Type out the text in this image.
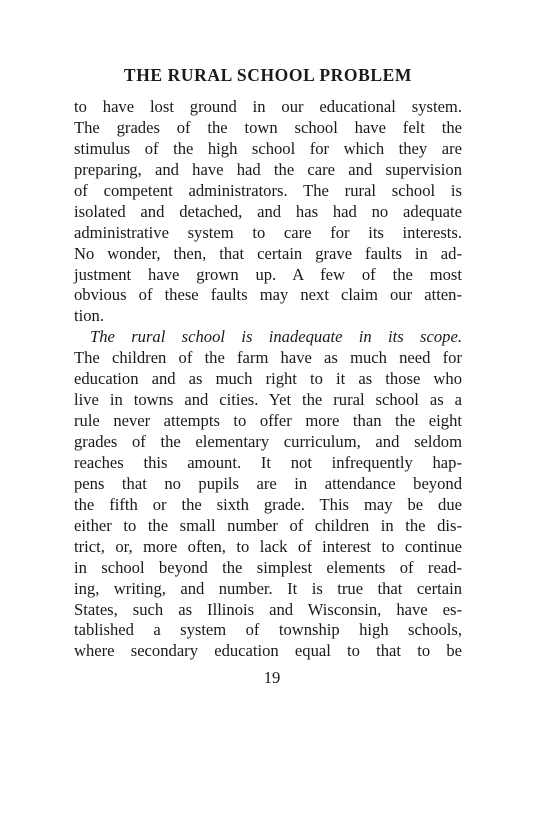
THE RURAL SCHOOL PROBLEM
to have lost ground in our educational system.
The grades of the town school have felt the
stimulus of the high school for which they are
preparing, and have had the care and supervision
of competent administrators. The rural school is
isolated and detached, and has had no adequate
administrative system to care for its interests.
No wonder, then, that certain grave faults in ad-
justment have grown up. A few of the most
obvious of these faults may next claim our atten-
tion.
The rural school is inadequate in its scope.
The children of the farm have as much need for
education and as much right to it as those who
live in towns and cities. Yet the rural school as a
rule never attempts to offer more than the eight
grades of the elementary curriculum, and seldom
reaches this amount. It not infrequently hap-
pens that no pupils are in attendance beyond
the fifth or the sixth grade. This may be due
either to the small number of children in the dis-
trict, or, more often, to lack of interest to continue
in school beyond the simplest elements of read-
ing, writing, and number. It is true that certain
States, such as Illinois and Wisconsin, have es-
tablished a system of township high schools,
where secondary education equal to that to be
19
